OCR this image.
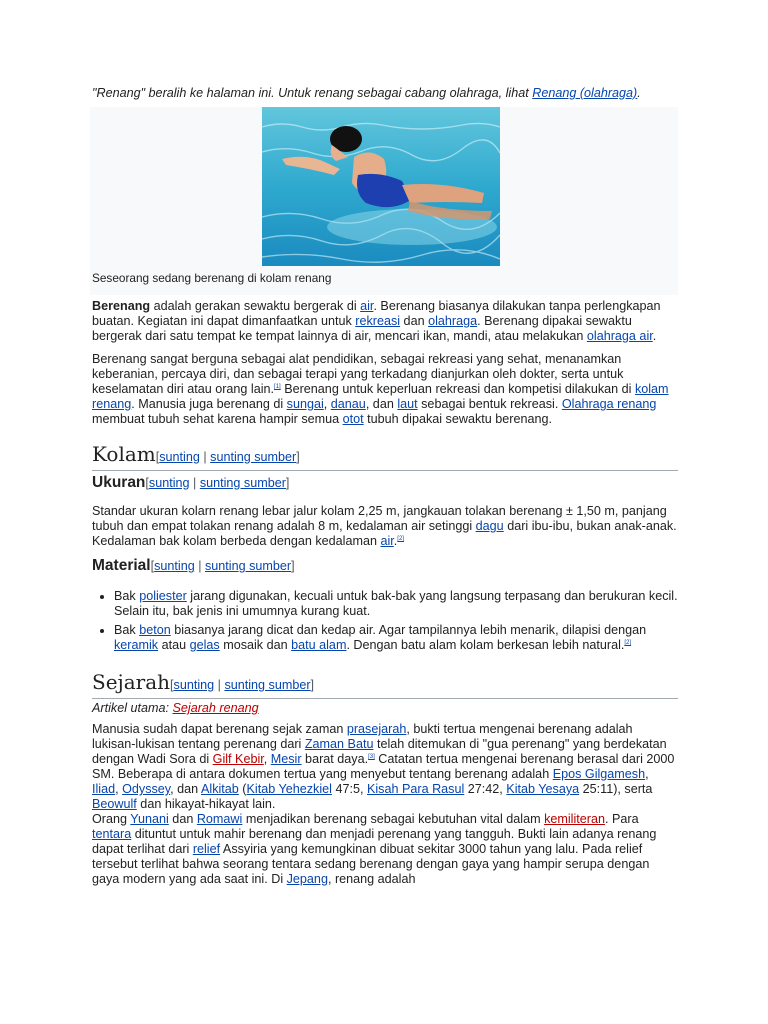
"Renang" beralih ke halaman ini. Untuk renang sebagai cabang olahraga, lihat Renang (olahraga).
Seseorang sedang berenang di kolam renang

Berenang adalah gerakan sewaktu bergerak di air. Berenang biasanya dilakukan tanpa perlengkapan buatan. Kegiatan ini dapat dimanfaatkan untuk rekreasi dan olahraga. Berenang dipakai sewaktu bergerak dari satu tempat ke tempat lainnya di air, mencari ikan, mandi, atau melakukan olahraga air.

Berenang sangat berguna sebagai alat pendidikan, sebagai rekreasi yang sehat, menanamkan keberanian, percaya diri, dan sebagai terapi yang terkadang dianjurkan oleh dokter, serta untuk keselamatan diri atau orang lain.[1] Berenang untuk keperluan rekreasi dan kompetisi dilakukan di kolam renang. Manusia juga berenang di sungai, danau, dan laut sebagai bentuk rekreasi. Olahraga renang membuat tubuh sehat karena hampir semua otot tubuh dipakai sewaktu berenang.

Kolam[sunting | sunting sumber]
Ukuran[sunting | sunting sumber]

Standar ukuran kolarn renang lebar jalur kolam 2,25 m, jangkauan tolakan berenang ± 1,50 m, panjang tubuh dan empat tolakan renang adalah 8 m, kedalaman air setinggi dagu dari ibu-ibu, bukan anak-anak. Kedalaman bak kolam berbeda dengan kedalaman air.[2]

Material[sunting | sunting sumber]
• Bak poliester jarang digunakan, kecuali untuk bak-bak yang langsung terpasang dan berukuran kecil. Selain itu, bak jenis ini umumnya kurang kuat.
• Bak beton biasanya jarang dicat dan kedap air. Agar tampilannya lebih menarik, dilapisi dengan keramik atau gelas mosaik dan batu alam. Dengan batu alam kolam berkesan lebih natural.[2]
Sejarah[sunting | sunting sumber]
Artikel utama: Sejarah renang

Manusia sudah dapat berenang sejak zaman prasejarah, bukti tertua mengenai berenang adalah lukisan-lukisan tentang perenang dari Zaman Batu telah ditemukan di "gua perenang" yang berdekatan dengan Wadi Sora di Gilf Kebir, Mesir barat daya.[3] Catatan tertua mengenai berenang berasal dari 2000 SM. Beberapa di antara dokumen tertua yang menyebut tentang berenang adalah Epos Gilgamesh, Iliad, Odyssey, dan Alkitab (Kitab Yehezkiel 47:5, Kisah Para Rasul 27:42, Kitab Yesaya 25:11), serta Beowulf dan hikayat-hikayat lain.
Orang Yunani dan Romawi menjadikan berenang sebagai kebutuhan vital dalam kemiliteran. Para tentara dituntut untuk mahir berenang dan menjadi perenang yang tangguh. Bukti lain adanya renang dapat terlihat dari relief Assyiria yang kemungkinan dibuat sekitar 3000 tahun yang lalu. Pada relief tersebut terlihat bahwa seorang tentara sedang berenang dengan gaya yang hampir serupa dengan gaya modern yang ada saat ini. Di Jepang, renang adalah
